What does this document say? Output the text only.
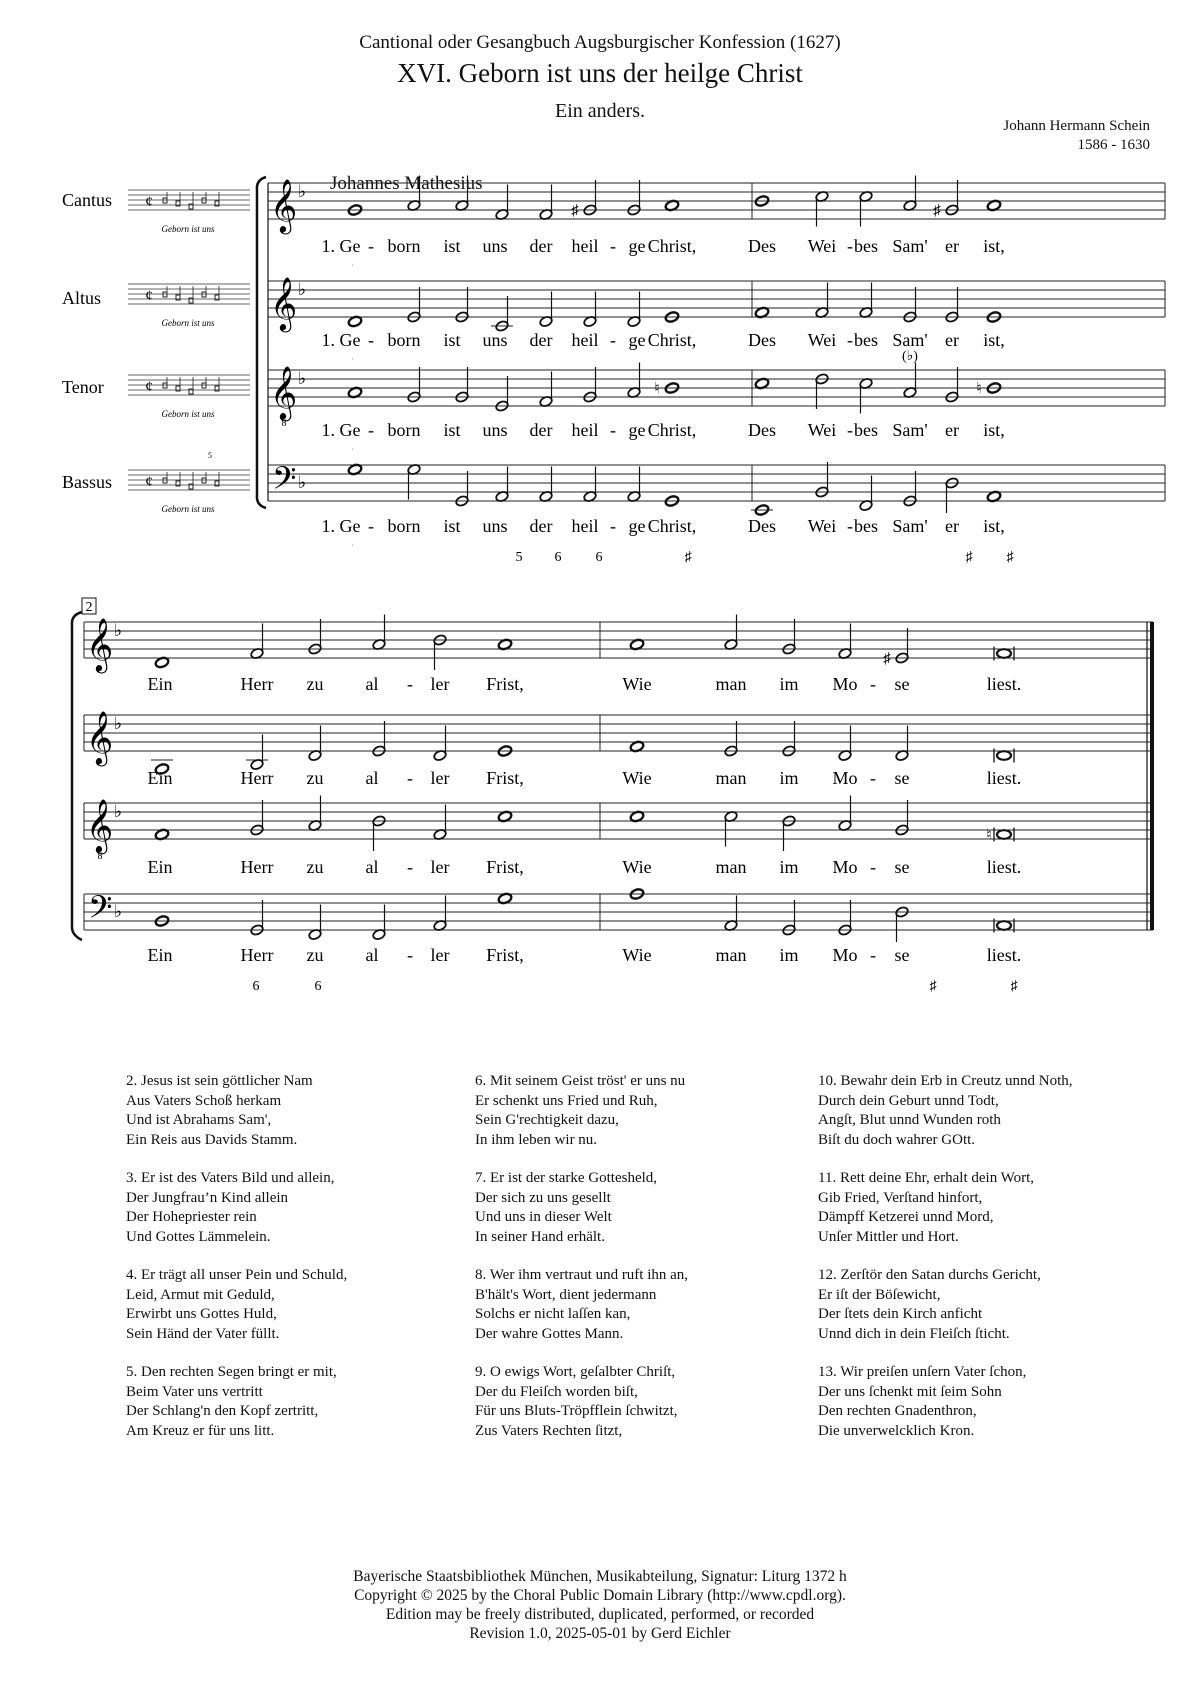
Cantional oder Gesangbuch Augsburgischer Konfession (1627)
XVI. Geborn ist uns der heilge Christ
Ein anders.
Johann Hermann Schein
1586 - 1630
Johannes Mathesius
𝄞 ♭
𝄞 ♭
𝄞
8
♭
𝄢 ♭
Cantus
Altus
Tenor
Bassus
Geborn ist uns
¢
Geborn ist uns
¢
Geborn ist uns
¢
Geborn ist uns
¢
5
♯	♯
♮	♮
(♭)
1. Ge - born ist uns der heil - ge Christ,	Des Wei - bes Sam' er ist,
1. Ge - born ist uns der heil - ge Christ,	Des Wei - bes Sam' er ist,
1. Ge - born ist uns der heil - ge Christ,	Des Wei - bes Sam' er ist,
1. Ge - born ist uns der heil - ge Christ,	Des Wei - bes Sam' er ist,
5 6 6	♯	♯ ♯
2
𝄞 ♭
𝄞 ♭
𝄞
8
♭
𝄢 ♭
♯
♮
Ein	Herr zu al - ler Frist,	Wie	man im Mo - se	liest.
Ein	Herr zu al - ler Frist,	Wie	man im Mo - se	liest.
Ein	Herr zu al - ler Frist,	Wie	man im Mo - se	liest.
Ein	Herr zu al - ler Frist,	Wie	man im Mo - se	liest.
6	6	♯	♯
2. Jesus ist sein göttlicher Nam
Aus Vaters Schoß herkam
Und ist Abrahams Sam',
Ein Reis aus Davids Stamm.
3. Er ist des Vaters Bild und allein,
Der Jungfrau’n Kind allein
Der Hohepriester rein
Und Gottes Lämmelein.
4. Er trägt all unser Pein und Schuld,
Leid, Armut mit Geduld,
Erwirbt uns Gottes Huld,
Sein Händ der Vater füllt.
5. Den rechten Segen bringt er mit,
Beim Vater uns vertritt
Der Schlang'n den Kopf zertritt,
Am Kreuz er für uns litt.
6. Mit seinem Geist tröst' er uns nu
Er schenkt uns Fried und Ruh,
Sein G'rechtigkeit dazu,
In ihm leben wir nu.
7. Er ist der starke Gottesheld,
Der sich zu uns gesellt
Und uns in dieser Welt
In seiner Hand erhält.
8. Wer ihm vertraut und ruft ihn an,
B'hält's Wort, dient jedermann
Solchs er nicht laſſen kan,
Der wahre Gottes Mann.
9. O ewigs Wort, geſalbter Chriſt,
Der du Fleiſch worden biſt,
Für uns Bluts-Tröpfflein ſchwitzt,
Zus Vaters Rechten ſitzt,
10. Bewahr dein Erb in Creutz unnd Noth,
Durch dein Geburt unnd Todt,
Angſt, Blut unnd Wunden roth
Biſt du doch wahrer GOtt.
11. Rett deine Ehr, erhalt dein Wort,
Gib Fried, Verſtand hinfort,
Dämpff Ketzerei unnd Mord,
Unſer Mittler und Hort.
12. Zerſtör den Satan durchs Gericht,
Er iſt der Böſewicht,
Der ſtets dein Kirch anficht
Unnd dich in dein Fleiſch ſticht.
13. Wir preiſen unſern Vater ſchon,
Der uns ſchenkt mit ſeim Sohn
Den rechten Gnadenthron,
Die unverwelcklich Kron.
Bayerische Staatsbibliothek München, Musikabteilung, Signatur: Liturg 1372 h
Copyright © 2025 by the Choral Public Domain Library (http://www.cpdl.org).
Edition may be freely distributed, duplicated, performed, or recorded
Revision 1.0, 2025-05-01 by Gerd Eichler
